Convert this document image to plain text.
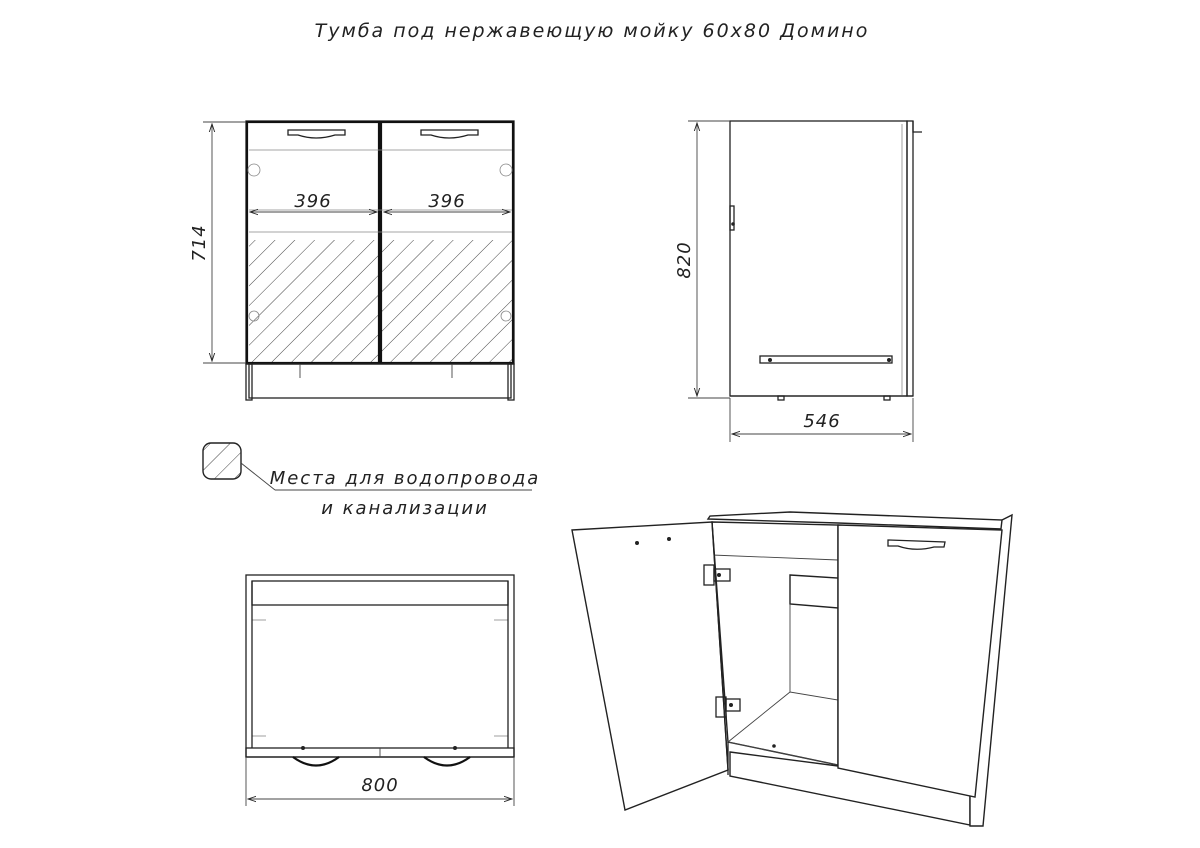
Тумба под нержавеющую мойку 60х80 Домино
396	396
714	820
546
Места для водопровода
и канализации
800
